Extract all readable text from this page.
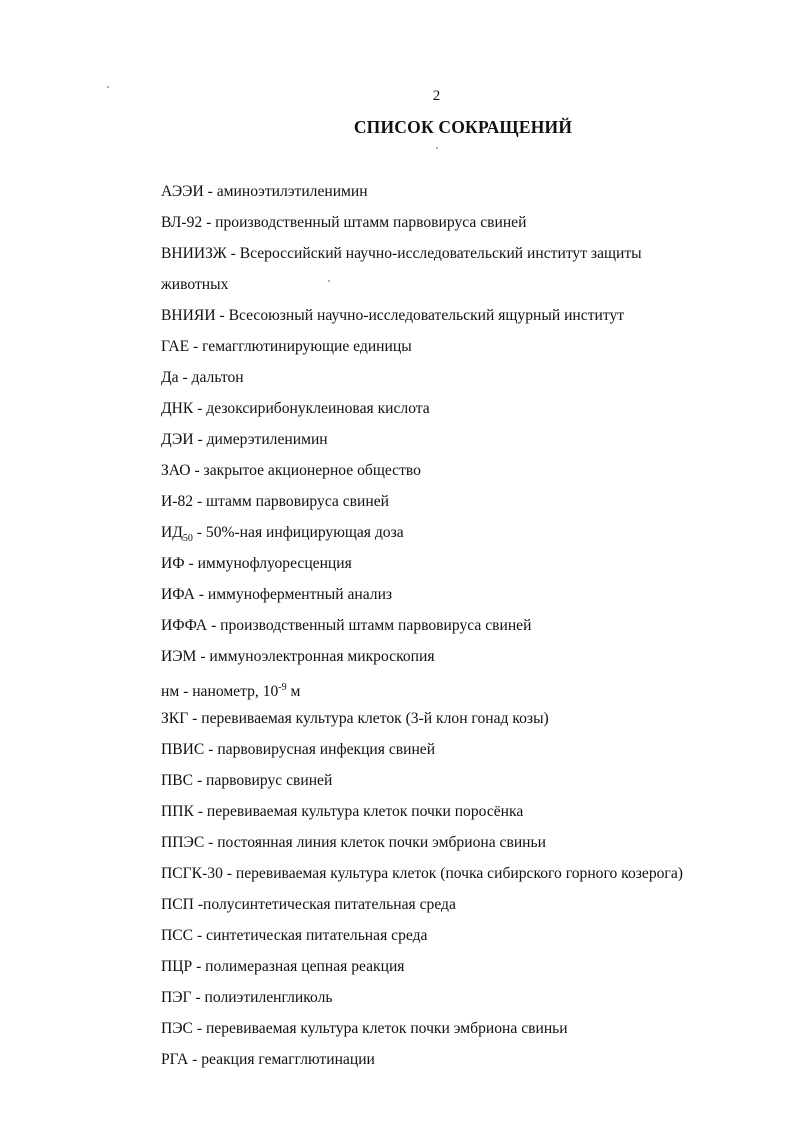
2
СПИСОК СОКРАЩЕНИЙ
АЭЭИ - аминоэтилэтиленимин
ВЛ-92 - производственный штамм парвовируса свиней
ВНИИЗЖ - Всероссийский научно-исследовательский институт защиты животных
ВНИЯИ - Всесоюзный научно-исследовательский ящурный институт
ГАЕ - гемагглютинирующие единицы
Да - дальтон
ДНК - дезоксирибонуклеиновая кислота
ДЭИ - димерэтиленимин
ЗАО - закрытое акционерное общество
И-82 - штамм парвовируса свиней
$ИД_{50} - 50\%-ная$ инфицирующая доза
ИФ - иммунофлуоресценция
ИФА - иммуноферментный анализ
ИФФА - производственный штамм парвовируса свиней
ИЭМ - иммуноэлектронная микроскопия
нм - нанометр, $10^{-9}$ м
ЗКГ - перевиваемая культура клеток (3-й клон гонад козы)
ПВИС - парвовирусная инфекция свиней
ПВС - парвовирус свиней
ППК - перевиваемая культура клеток почки поросёнка
ППЭС - постоянная линия клеток почки эмбриона свиньи
ПСГК-30 - перевиваемая культура клеток (почка сибирского горного козерога)
ПСП -полусинтетическая питательная среда
ПСС - синтетическая питательная среда
ПЦР - полимеразная цепная реакция
ПЭГ - полиэтиленгликоль
ПЭС - перевиваемая культура клеток почки эмбриона свиньи
РГА - реакция гемагглютинации
